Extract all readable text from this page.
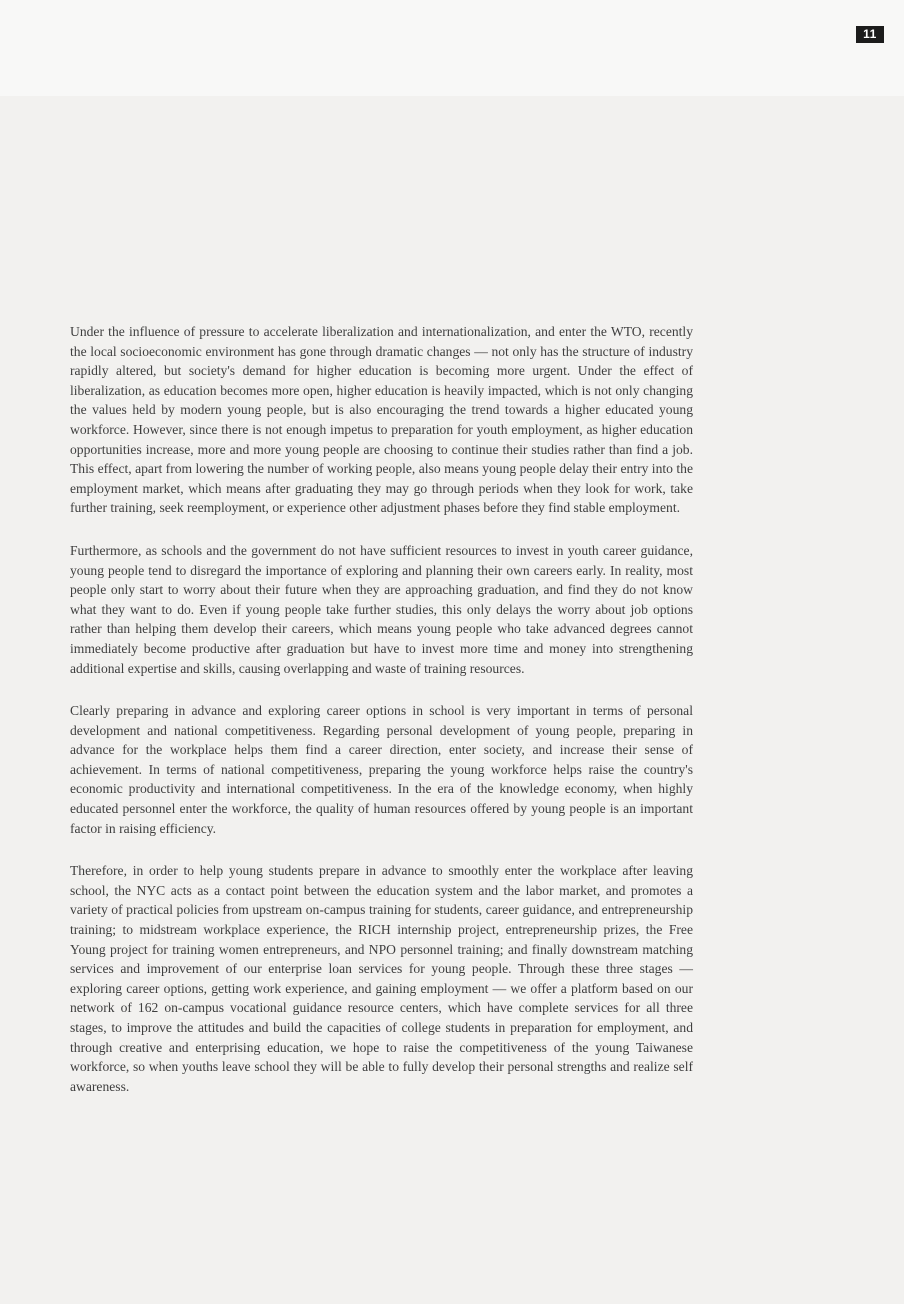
11

Under the influence of pressure to accelerate liberalization and internationalization, and enter the WTO, recently the local socioeconomic environment has gone through dramatic changes — not only has the structure of industry rapidly altered, but society's demand for higher education is becoming more urgent. Under the effect of liberalization, as education becomes more open, higher education is heavily impacted, which is not only changing the values held by modern young people, but is also encouraging the trend towards a higher educated young workforce. However, since there is not enough impetus to preparation for youth employment, as higher education opportunities increase, more and more young people are choosing to continue their studies rather than find a job. This effect, apart from lowering the number of working people, also means young people delay their entry into the employment market, which means after graduating they may go through periods when they look for work, take further training, seek reemployment, or experience other adjustment phases before they find stable employment.

Furthermore, as schools and the government do not have sufficient resources to invest in youth career guidance, young people tend to disregard the importance of exploring and planning their own careers early. In reality, most people only start to worry about their future when they are approaching graduation, and find they do not know what they want to do. Even if young people take further studies, this only delays the worry about job options rather than helping them develop their careers, which means young people who take advanced degrees cannot immediately become productive after graduation but have to invest more time and money into strengthening additional expertise and skills, causing overlapping and waste of training resources.

Clearly preparing in advance and exploring career options in school is very important in terms of personal development and national competitiveness. Regarding personal development of young people, preparing in advance for the workplace helps them find a career direction, enter society, and increase their sense of achievement. In terms of national competitiveness, preparing the young workforce helps raise the country's economic productivity and international competitiveness. In the era of the knowledge economy, when highly educated personnel enter the workforce, the quality of human resources offered by young people is an important factor in raising efficiency.

Therefore, in order to help young students prepare in advance to smoothly enter the workplace after leaving school, the NYC acts as a contact point between the education system and the labor market, and promotes a variety of practical policies from upstream on-campus training for students, career guidance, and entrepreneurship training; to midstream workplace experience, the RICH internship project, entrepreneurship prizes, the Free Young project for training women entrepreneurs, and NPO personnel training; and finally downstream matching services and improvement of our enterprise loan services for young people. Through these three stages — exploring career options, getting work experience, and gaining employment — we offer a platform based on our network of 162 on-campus vocational guidance resource centers, which have complete services for all three stages, to improve the attitudes and build the capacities of college students in preparation for employment, and through creative and enterprising education, we hope to raise the competitiveness of the young Taiwanese workforce, so when youths leave school they will be able to fully develop their personal strengths and realize self awareness.
